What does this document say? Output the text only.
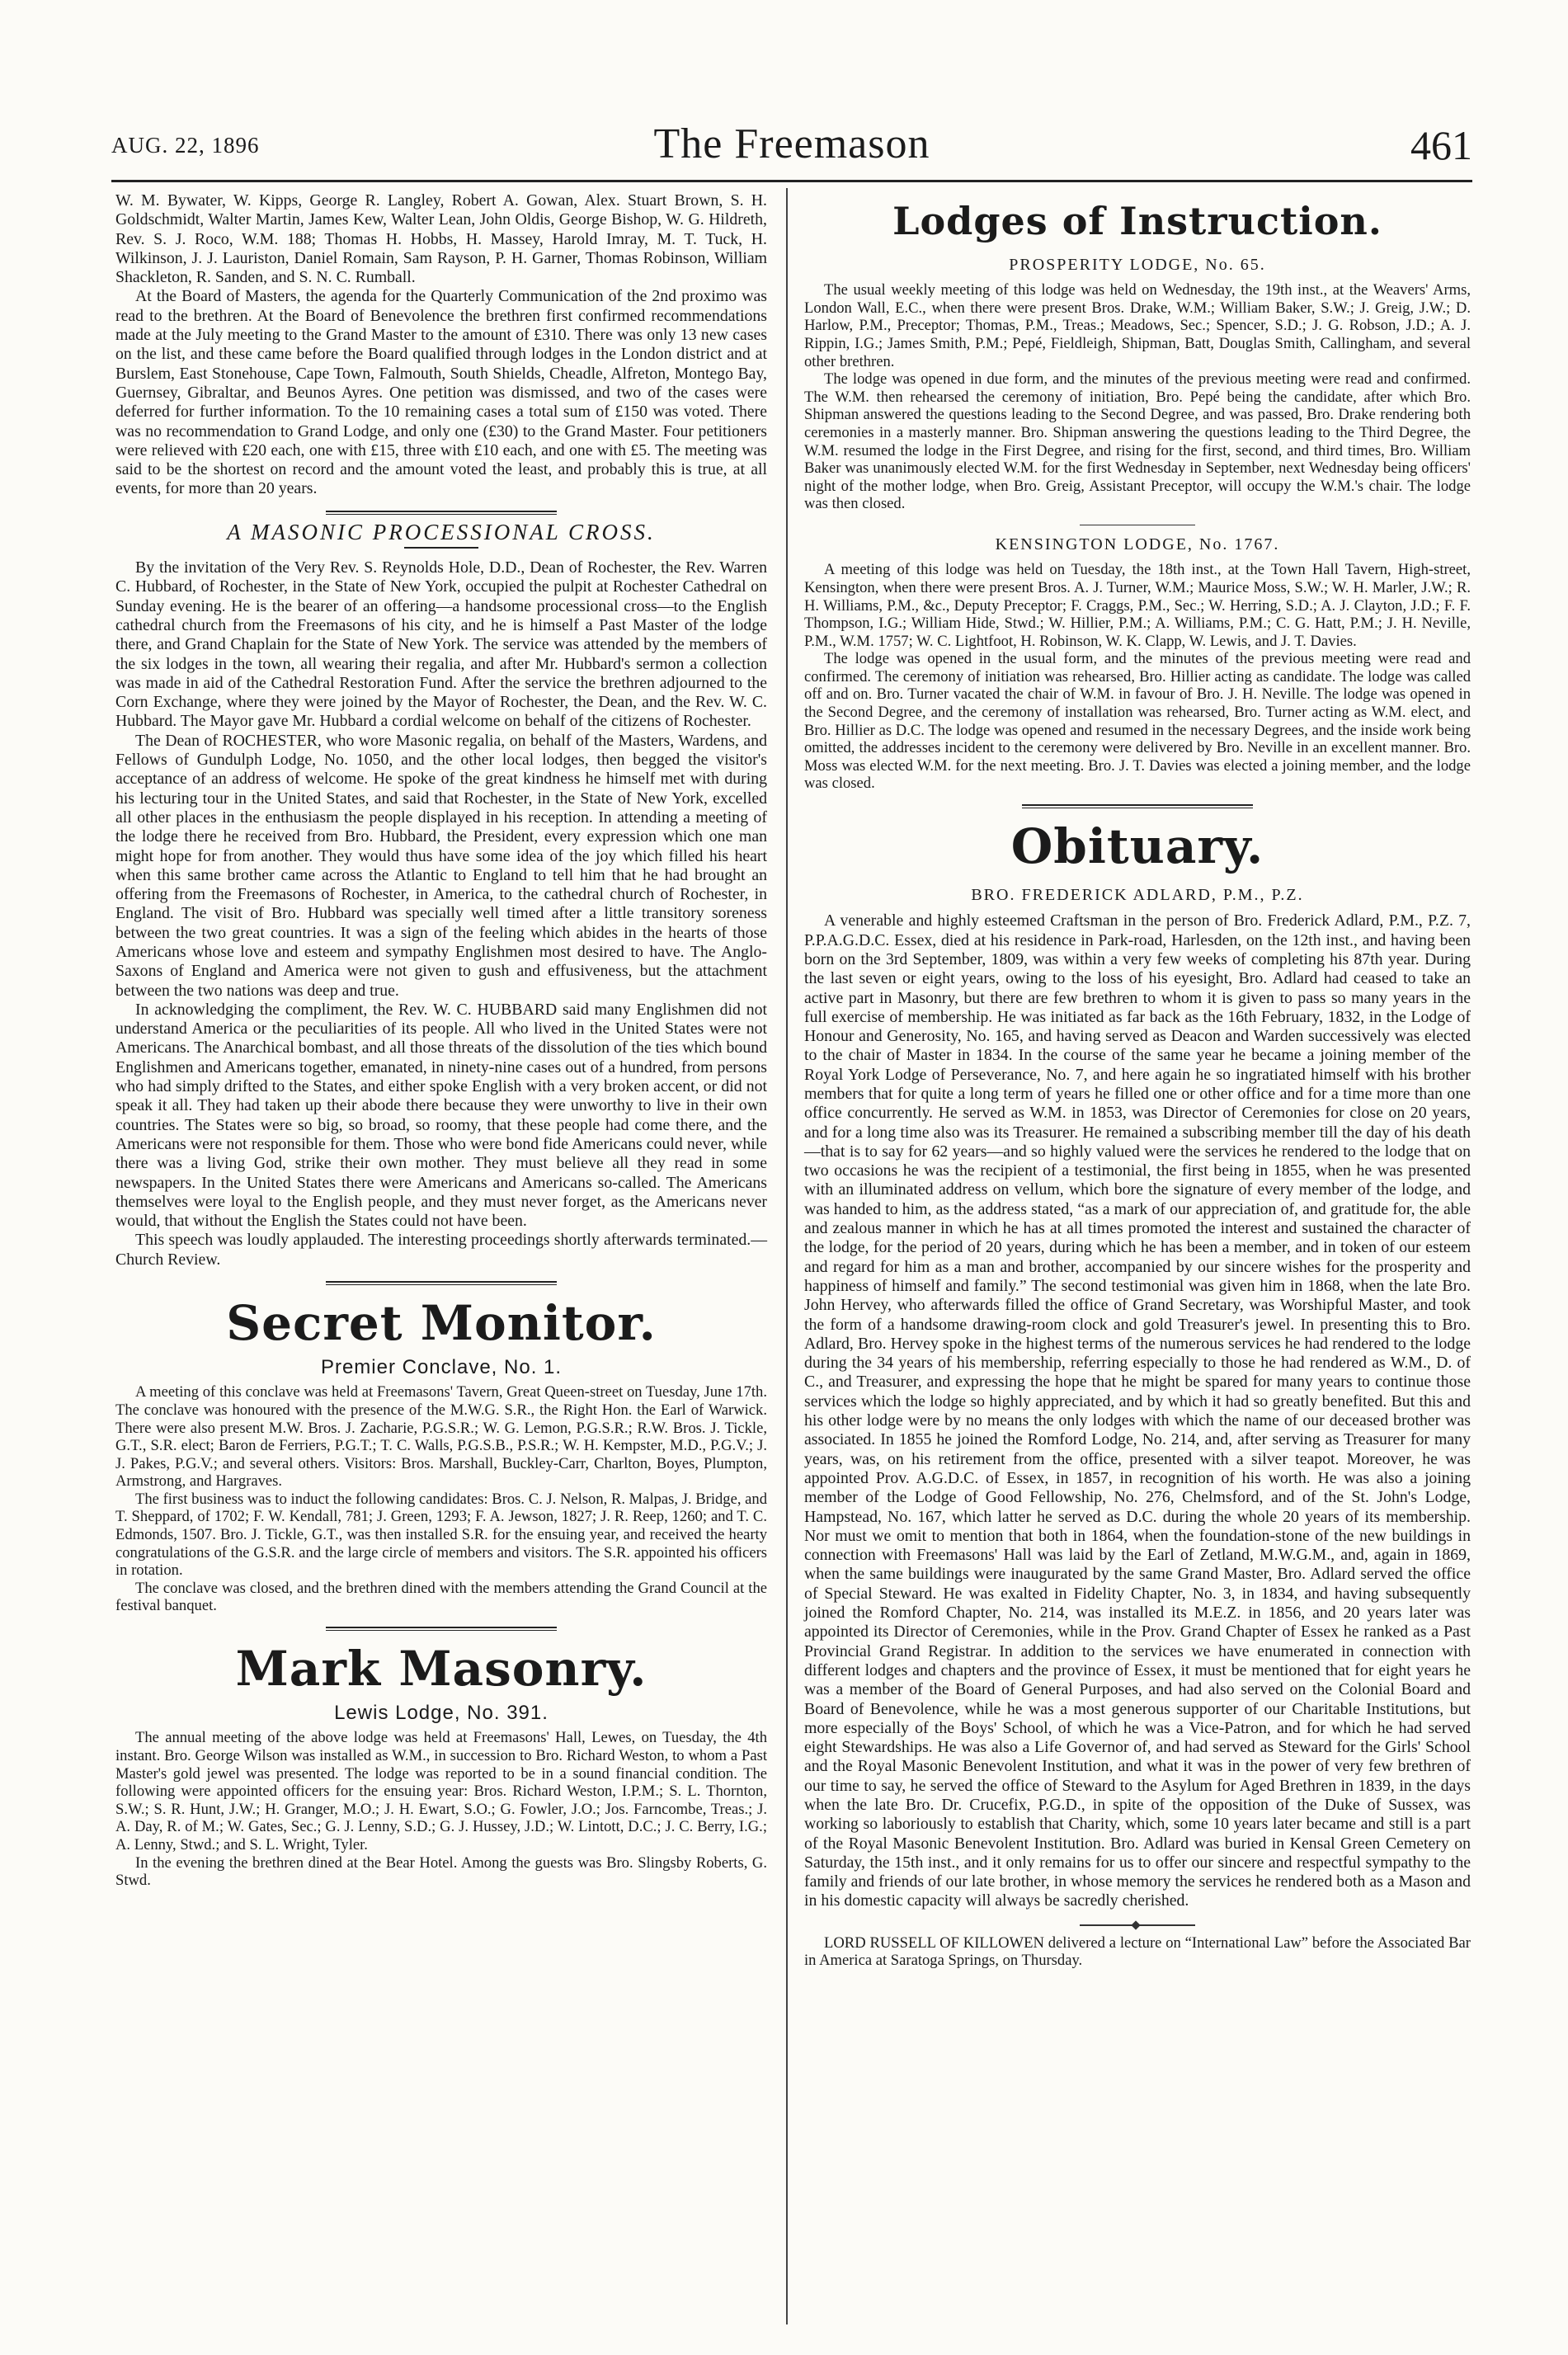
AUG. 22, 1896	The Freemason	461

W. M. Bywater, W. Kipps, George R. Langley, Robert A. Gowan, Alex. Stuart Brown, S. H. Goldschmidt, Walter Martin, James Kew, Walter Lean, John Oldis, George Bishop, W. G. Hildreth, Rev. S. J. Roco, W.M. 188; Thomas H. Hobbs, H. Massey, Harold Imray, M. T. Tuck, H. Wilkinson, J. J. Lauriston, Daniel Romain, Sam Rayson, P. H. Garner, Thomas Robinson, William Shackleton, R. Sanden, and S. N. C. Rumball.

At the Board of Masters, the agenda for the Quarterly Communication of the 2nd proximo was read to the brethren. At the Board of Benevolence the brethren first confirmed recommendations made at the July meeting to the Grand Master to the amount of £310. There was only 13 new cases on the list, and these came before the Board qualified through lodges in the London district and at Burslem, East Stonehouse, Cape Town, Falmouth, South Shields, Cheadle, Alfreton, Montego Bay, Guernsey, Gibraltar, and Beunos Ayres. One petition was dismissed, and two of the cases were deferred for further information. To the 10 remaining cases a total sum of £150 was voted. There was no recommendation to Grand Lodge, and only one (£30) to the Grand Master. Four petitioners were relieved with £20 each, one with £15, three with £10 each, and one with £5. The meeting was said to be the shortest on record and the amount voted the least, and probably this is true, at all events, for more than 20 years.

A MASONIC PROCESSIONAL CROSS.

By the invitation of the Very Rev. S. Reynolds Hole, D.D., Dean of Rochester, the Rev. Warren C. Hubbard, of Rochester, in the State of New York, occupied the pulpit at Rochester Cathedral on Sunday evening. He is the bearer of an offering—a handsome processional cross—to the English cathedral church from the Freemasons of his city, and he is himself a Past Master of the lodge there, and Grand Chaplain for the State of New York. The service was attended by the members of the six lodges in the town, all wearing their regalia, and after Mr. Hubbard's sermon a collection was made in aid of the Cathedral Restoration Fund. After the service the brethren adjourned to the Corn Exchange, where they were joined by the Mayor of Rochester, the Dean, and the Rev. W. C. Hubbard. The Mayor gave Mr. Hubbard a cordial welcome on behalf of the citizens of Rochester.

The Dean of ROCHESTER, who wore Masonic regalia, on behalf of the Masters, Wardens, and Fellows of Gundulph Lodge, No. 1050, and the other local lodges, then begged the visitor's acceptance of an address of welcome. He spoke of the great kindness he himself met with during his lecturing tour in the United States, and said that Rochester, in the State of New York, excelled all other places in the enthusiasm the people displayed in his reception. In attending a meeting of the lodge there he received from Bro. Hubbard, the President, every expression which one man might hope for from another. They would thus have some idea of the joy which filled his heart when this same brother came across the Atlantic to England to tell him that he had brought an offering from the Freemasons of Rochester, in America, to the cathedral church of Rochester, in England. The visit of Bro. Hubbard was specially well timed after a little transitory soreness between the two great countries. It was a sign of the feeling which abides in the hearts of those Americans whose love and esteem and sympathy Englishmen most desired to have. The Anglo-Saxons of England and America were not given to gush and effusiveness, but the attachment between the two nations was deep and true.

In acknowledging the compliment, the Rev. W. C. HUBBARD said many Englishmen did not understand America or the peculiarities of its people. All who lived in the United States were not Americans. The Anarchical bombast, and all those threats of the dissolution of the ties which bound Englishmen and Americans together, emanated, in ninety-nine cases out of a hundred, from persons who had simply drifted to the States, and either spoke English with a very broken accent, or did not speak it all. They had taken up their abode there because they were unworthy to live in their own countries. The States were so big, so broad, so roomy, that these people had come there, and the Americans were not responsible for them. Those who were bond fide Americans could never, while there was a living God, strike their own mother. They must believe all they read in some newspapers. In the United States there were Americans and Americans so-called. The Americans themselves were loyal to the English people, and they must never forget, as the Americans never would, that without the English the States could not have been.

This speech was loudly applauded. The interesting proceedings shortly afterwards terminated.—Church Review.

Secret Monitor.
Premier Conclave, No. 1.

A meeting of this conclave was held at Freemasons' Tavern, Great Queen-street on Tuesday, June 17th. The conclave was honoured with the presence of the M.W.G. S.R., the Right Hon. the Earl of Warwick. There were also present M.W. Bros. J. Zacharie, P.G.S.R.; W. G. Lemon, P.G.S.R.; R.W. Bros. J. Tickle, G.T., S.R. elect; Baron de Ferriers, P.G.T.; T. C. Walls, P.G.S.B., P.S.R.; W. H. Kempster, M.D., P.G.V.; J. J. Pakes, P.G.V.; and several others. Visitors: Bros. Marshall, Buckley-Carr, Charlton, Boyes, Plumpton, Armstrong, and Hargraves.

The first business was to induct the following candidates: Bros. C. J. Nelson, R. Malpas, J. Bridge, and T. Sheppard, of 1702; F. W. Kendall, 781; J. Green, 1293; F. A. Jewson, 1827; J. R. Reep, 1260; and T. C. Edmonds, 1507. Bro. J. Tickle, G.T., was then installed S.R. for the ensuing year, and received the hearty congratulations of the G.S.R. and the large circle of members and visitors. The S.R. appointed his officers in rotation.

The conclave was closed, and the brethren dined with the members attending the Grand Council at the festival banquet.

Mark Masonry.
Lewis Lodge, No. 391.

The annual meeting of the above lodge was held at Freemasons' Hall, Lewes, on Tuesday, the 4th instant. Bro. George Wilson was installed as W.M., in succession to Bro. Richard Weston, to whom a Past Master's gold jewel was presented. The lodge was reported to be in a sound financial condition. The following were appointed officers for the ensuing year: Bros. Richard Weston, I.P.M.; S. L. Thornton, S.W.; S. R. Hunt, J.W.; H. Granger, M.O.; J. H. Ewart, S.O.; G. Fowler, J.O.; Jos. Farncombe, Treas.; J. A. Day, R. of M.; W. Gates, Sec.; G. J. Lenny, S.D.; G. J. Hussey, J.D.; W. Lintott, D.C.; J. C. Berry, I.G.; A. Lenny, Stwd.; and S. L. Wright, Tyler.

In the evening the brethren dined at the Bear Hotel. Among the guests was Bro. Slingsby Roberts, G. Stwd.

Lodges of Instruction.
PROSPERITY LODGE, No. 65.

The usual weekly meeting of this lodge was held on Wednesday, the 19th inst., at the Weavers' Arms, London Wall, E.C., when there were present Bros. Drake, W.M.; William Baker, S.W.; J. Greig, J.W.; D. Harlow, P.M., Preceptor; Thomas, P.M., Treas.; Meadows, Sec.; Spencer, S.D.; J. G. Robson, J.D.; A. J. Rippin, I.G.; James Smith, P.M.; Pepé, Fieldleigh, Shipman, Batt, Douglas Smith, Callingham, and several other brethren.

The lodge was opened in due form, and the minutes of the previous meeting were read and confirmed. The W.M. then rehearsed the ceremony of initiation, Bro. Pepé being the candidate, after which Bro. Shipman answered the questions leading to the Second Degree, and was passed, Bro. Drake rendering both ceremonies in a masterly manner. Bro. Shipman answering the questions leading to the Third Degree, the W.M. resumed the lodge in the First Degree, and rising for the first, second, and third times, Bro. William Baker was unanimously elected W.M. for the first Wednesday in September, next Wednesday being officers' night of the mother lodge, when Bro. Greig, Assistant Preceptor, will occupy the W.M.'s chair. The lodge was then closed.

KENSINGTON LODGE, No. 1767.

A meeting of this lodge was held on Tuesday, the 18th inst., at the Town Hall Tavern, High-street, Kensington, when there were present Bros. A. J. Turner, W.M.; Maurice Moss, S.W.; W. H. Marler, J.W.; R. H. Williams, P.M., &c., Deputy Preceptor; F. Craggs, P.M., Sec.; W. Herring, S.D.; A. J. Clayton, J.D.; F. F. Thompson, I.G.; William Hide, Stwd.; W. Hillier, P.M.; A. Williams, P.M.; C. G. Hatt, P.M.; J. H. Neville, P.M., W.M. 1757; W. C. Lightfoot, H. Robinson, W. K. Clapp, W. Lewis, and J. T. Davies.

The lodge was opened in the usual form, and the minutes of the previous meeting were read and confirmed. The ceremony of initiation was rehearsed, Bro. Hillier acting as candidate. The lodge was called off and on. Bro. Turner vacated the chair of W.M. in favour of Bro. J. H. Neville. The lodge was opened in the Second Degree, and the ceremony of installation was rehearsed, Bro. Turner acting as W.M. elect, and Bro. Hillier as D.C. The lodge was opened and resumed in the necessary Degrees, and the inside work being omitted, the addresses incident to the ceremony were delivered by Bro. Neville in an excellent manner. Bro. Moss was elected W.M. for the next meeting. Bro. J. T. Davies was elected a joining member, and the lodge was closed.

Obituary.
BRO. FREDERICK ADLARD, P.M., P.Z.

A venerable and highly esteemed Craftsman in the person of Bro. Frederick Adlard, P.M., P.Z. 7, P.P.A.G.D.C. Essex, died at his residence in Park-road, Harlesden, on the 12th inst., and having been born on the 3rd September, 1809, was within a very few weeks of completing his 87th year. During the last seven or eight years, owing to the loss of his eyesight, Bro. Adlard had ceased to take an active part in Masonry, but there are few brethren to whom it is given to pass so many years in the full exercise of membership. He was initiated as far back as the 16th February, 1832, in the Lodge of Honour and Generosity, No. 165, and having served as Deacon and Warden successively was elected to the chair of Master in 1834. In the course of the same year he became a joining member of the Royal York Lodge of Perseverance, No. 7, and here again he so ingratiated himself with his brother members that for quite a long term of years he filled one or other office and for a time more than one office concurrently. He served as W.M. in 1853, was Director of Ceremonies for close on 20 years, and for a long time also was its Treasurer. He remained a subscribing member till the day of his death—that is to say for 62 years—and so highly valued were the services he rendered to the lodge that on two occasions he was the recipient of a testimonial, the first being in 1855, when he was presented with an illuminated address on vellum, which bore the signature of every member of the lodge, and was handed to him, as the address stated, “as a mark of our appreciation of, and gratitude for, the able and zealous manner in which he has at all times promoted the interest and sustained the character of the lodge, for the period of 20 years, during which he has been a member, and in token of our esteem and regard for him as a man and brother, accompanied by our sincere wishes for the prosperity and happiness of himself and family.” The second testimonial was given him in 1868, when the late Bro. John Hervey, who afterwards filled the office of Grand Secretary, was Worshipful Master, and took the form of a handsome drawing-room clock and gold Treasurer's jewel. In presenting this to Bro. Adlard, Bro. Hervey spoke in the highest terms of the numerous services he had rendered to the lodge during the 34 years of his membership, referring especially to those he had rendered as W.M., D. of C., and Treasurer, and expressing the hope that he might be spared for many years to continue those services which the lodge so highly appreciated, and by which it had so greatly benefited. But this and his other lodge were by no means the only lodges with which the name of our deceased brother was associated. In 1855 he joined the Romford Lodge, No. 214, and, after serving as Treasurer for many years, was, on his retirement from the office, presented with a silver teapot. Moreover, he was appointed Prov. A.G.D.C. of Essex, in 1857, in recognition of his worth. He was also a joining member of the Lodge of Good Fellowship, No. 276, Chelmsford, and of the St. John's Lodge, Hampstead, No. 167, which latter he served as D.C. during the whole 20 years of its membership. Nor must we omit to mention that both in 1864, when the foundation-stone of the new buildings in connection with Freemasons' Hall was laid by the Earl of Zetland, M.W.G.M., and, again in 1869, when the same buildings were inaugurated by the same Grand Master, Bro. Adlard served the office of Special Steward. He was exalted in Fidelity Chapter, No. 3, in 1834, and having subsequently joined the Romford Chapter, No. 214, was installed its M.E.Z. in 1856, and 20 years later was appointed its Director of Ceremonies, while in the Prov. Grand Chapter of Essex he ranked as a Past Provincial Grand Registrar. In addition to the services we have enumerated in connection with different lodges and chapters and the province of Essex, it must be mentioned that for eight years he was a member of the Board of General Purposes, and had also served on the Colonial Board and Board of Benevolence, while he was a most generous supporter of our Charitable Institutions, but more especially of the Boys' School, of which he was a Vice-Patron, and for which he had served eight Stewardships. He was also a Life Governor of, and had served as Steward for the Girls' School and the Royal Masonic Benevolent Institution, and what it was in the power of very few brethren of our time to say, he served the office of Steward to the Asylum for Aged Brethren in 1839, in the days when the late Bro. Dr. Crucefix, P.G.D., in spite of the opposition of the Duke of Sussex, was working so laboriously to establish that Charity, which, some 10 years later became and still is a part of the Royal Masonic Benevolent Institution. Bro. Adlard was buried in Kensal Green Cemetery on Saturday, the 15th inst., and it only remains for us to offer our sincere and respectful sympathy to the family and friends of our late brother, in whose memory the services he rendered both as a Mason and in his domestic capacity will always be sacredly cherished.

LORD RUSSELL OF KILLOWEN delivered a lecture on “International Law” before the Associated Bar in America at Saratoga Springs, on Thursday.
